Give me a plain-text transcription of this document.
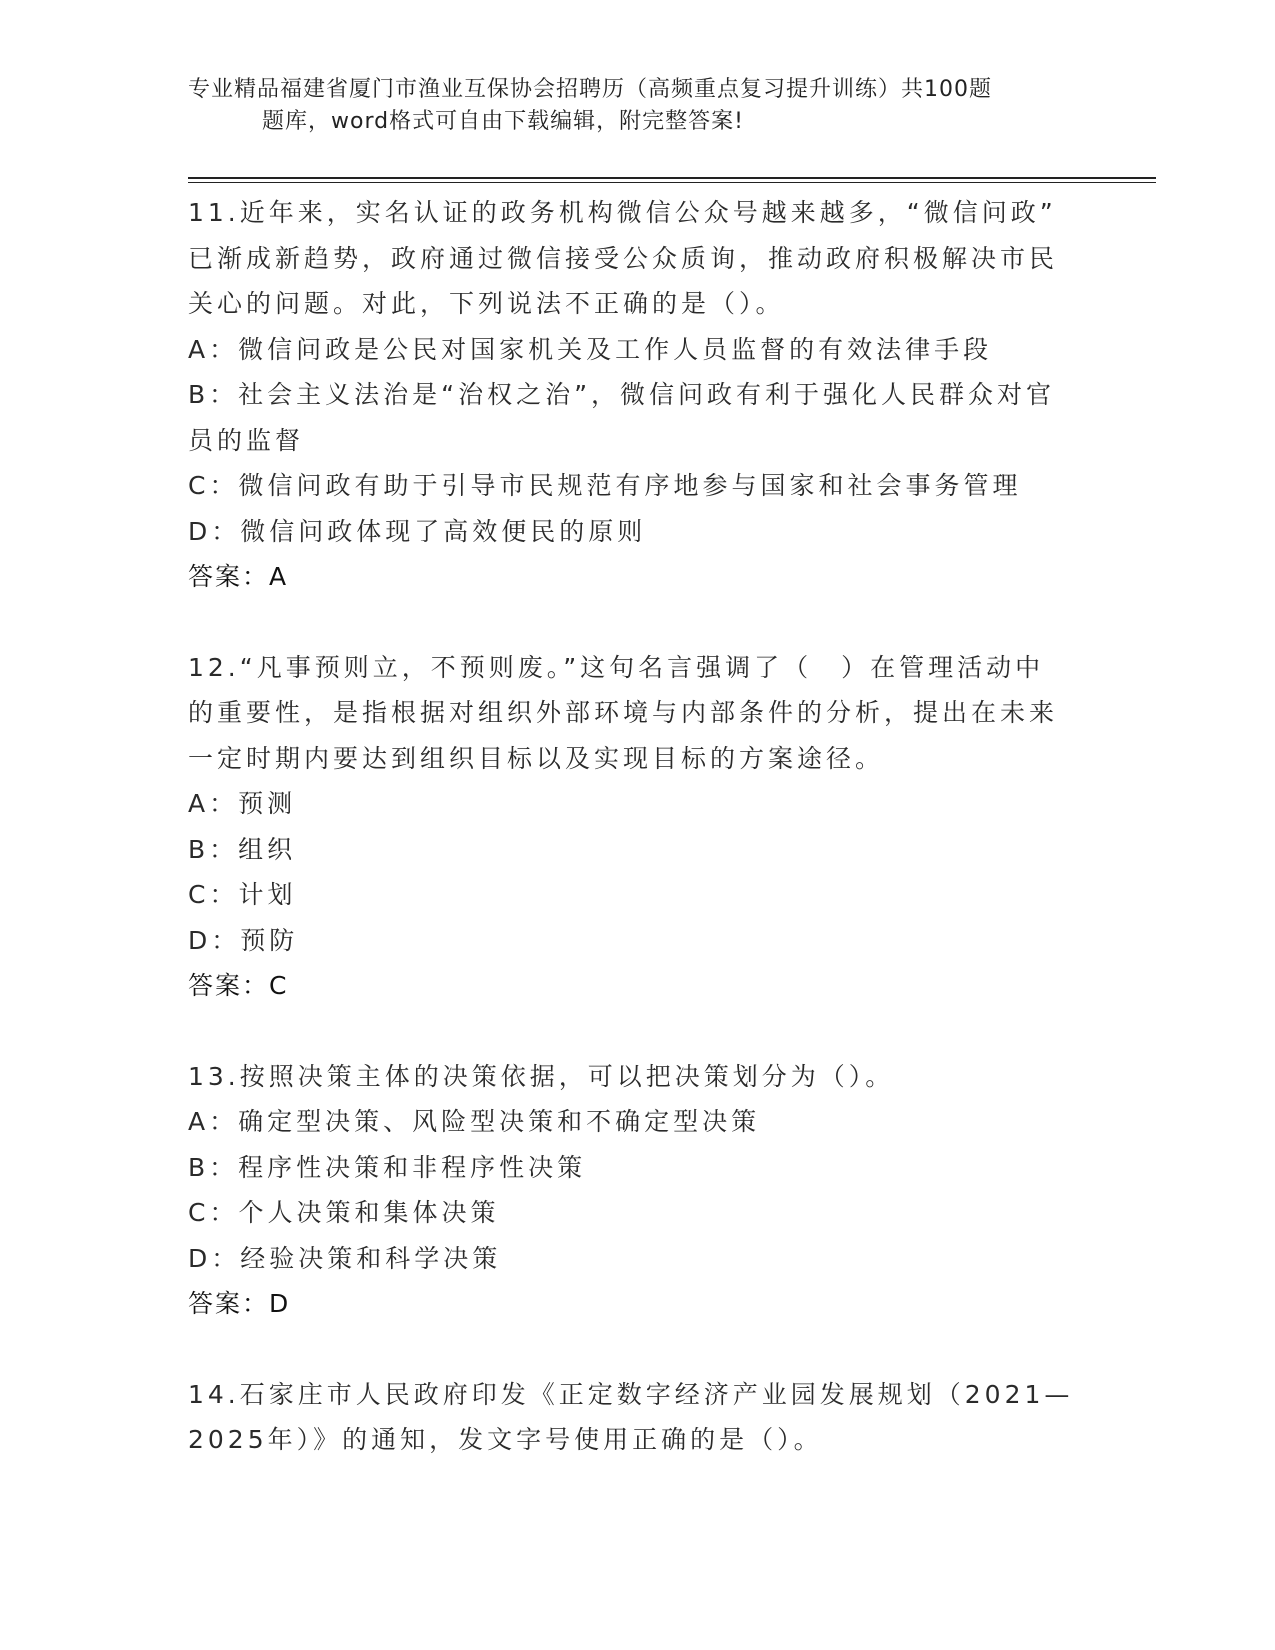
专业精品福建省厦门市渔业互保协会招聘历（高频重点复习提升训练）共100题
题库，word格式可自由下载编辑，附完整答案!
11.近年来，实名认证的政务机构微信公众号越来越多，“微信问政”
已渐成新趋势，政府通过微信接受公众质询，推动政府积极解决市民
关心的问题。对此，下列说法不正确的是（）。
A：微信问政是公民对国家机关及工作人员监督的有效法律手段
B：社会主义法治是“治权之治”，微信问政有利于强化人民群众对官
员的监督
C：微信问政有助于引导市民规范有序地参与国家和社会事务管理
D：微信问政体现了高效便民的原则
答案：A
12.“凡事预则立，不预则废。”这句名言强调了（　）在管理活动中
的重要性，是指根据对组织外部环境与内部条件的分析，提出在未来
一定时期内要达到组织目标以及实现目标的方案途径。
A：预测
B：组织
C：计划
D：预防
答案：C
13.按照决策主体的决策依据，可以把决策划分为（）。
A：确定型决策、风险型决策和不确定型决策
B：程序性决策和非程序性决策
C：个人决策和集体决策
D：经验决策和科学决策
答案：D
14.石家庄市人民政府印发《正定数字经济产业园发展规划（2021—
2025年）》的通知，发文字号使用正确的是（）。
